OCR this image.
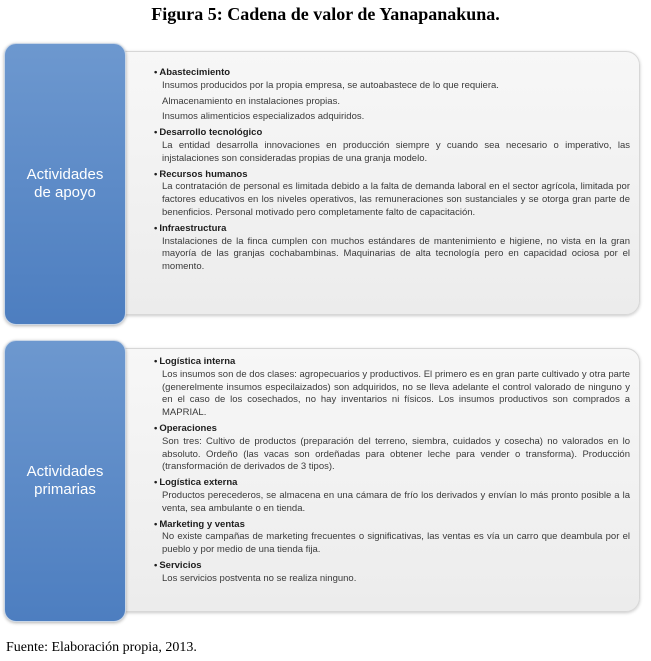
Figura 5: Cadena de valor de Yanapanakuna.
Actividades
de apoyo
• Abastecimiento

Insumos producidos por la propia empresa, se autoabastece de lo que requiera.

Almacenamiento en instalaciones propias.

Insumos alimenticios especializados adquiridos.

• Desarrollo tecnológico

La entidad desarrolla innovaciones en producción siempre y cuando sea necesario o imperativo, las injstalaciones son consideradas propias de una granja modelo.

• Recursos humanos

La contratación de personal es limitada debido a la falta de demanda laboral en el sector agrícola, limitada por factores educativos en los niveles operativos, las remuneraciones son sustanciales y se otorga gran parte de benenficios. Personal motivado pero completamente falto de capacitación.

• Infraestructura

Instalaciones de la finca cumplen con muchos estándares de mantenimiento e higiene, no vista en la gran mayoría de las granjas cochabambinas. Maquinarias de alta tecnología pero en capacidad ociosa por el momento.

Actividades
primarias
• Logística interna

Los insumos son de dos clases: agropecuarios y productivos. El primero es en gran parte cultivado y otra parte (generelmente insumos especilaizados) son adquiridos, no se lleva adelante el control valorado de ninguno y en el caso de los cosechados, no hay inventarios ni físicos. Los insumos productivos son comprados a MAPRIAL.

• Operaciones

Son tres: Cultivo de productos (preparación del terreno, siembra, cuidados y cosecha) no valorados en lo absoluto. Ordeño (las vacas son ordeñadas para obtener leche para vender o transforma). Producción (transformación de derivados de 3 tipos).

• Logística externa

Productos perecederos, se almacena en una cámara de frío los derivados y envían lo más pronto posible a la venta, sea ambulante o en tienda.

• Marketing y ventas

No existe campañas de marketing frecuentes o significativas, las ventas es vía un carro que deambula por el pueblo y por medio de una tienda fija.

• Servicios

Los servicios postventa no se realiza ninguno.

Fuente: Elaboración propia, 2013.
